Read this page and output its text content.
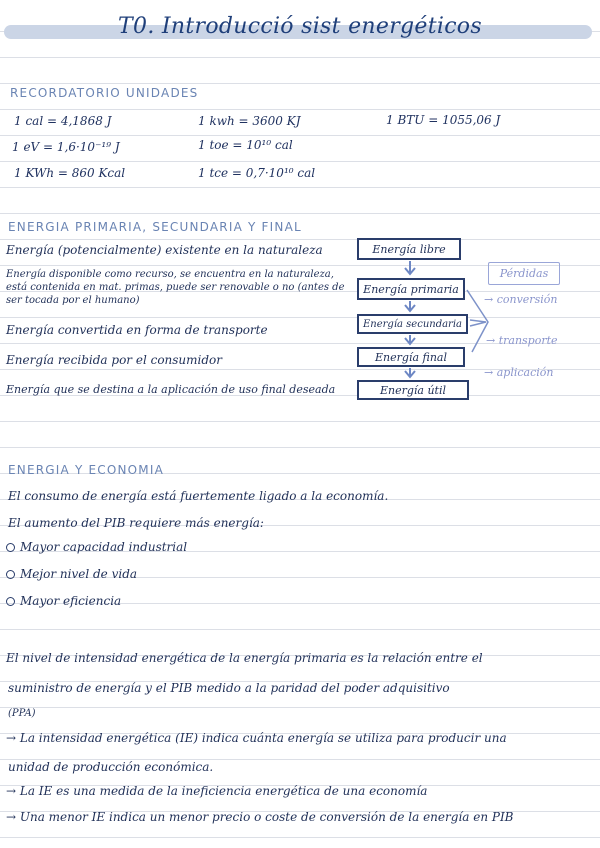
T0. Introducció sist energéticos
RECORDATORIO UNIDADES
1 cal = 4,1868 J	1 kwh = 3600 KJ	1 BTU = 1055,06 J
1 eV = 1,6·10⁻¹⁹ J	1 toe = 10¹⁰ cal
1 KWh = 860 Kcal	1 tce = 0,7·10¹⁰ cal
ENERGIA PRIMARIA, SECUNDARIA Y FINAL
Energía (potencialmente) existente en la naturaleza
Energía disponible como recurso, se encuentra en la naturaleza, está contenida en mat. primas, puede ser renovable o no (antes de ser tocada por el humano)
Energía convertida en forma de transporte
Energía recibida por el consumidor
Energía que se destina a la aplicación de uso final deseada
Energía libre
Energía primaria
Energía secundaria
Energía final
Energía útil
Pérdidas
→ conversión
→ transporte
→ aplicación
ENERGIA Y ECONOMIA
El consumo de energía está fuertemente ligado a la economía.
El aumento del PIB requiere más energía:
Mayor capacidad industrial
Mejor nivel de vida
Mayor eficiencia
El nivel de intensidad energética de la energía primaria es la relación entre el
suministro de energía y el PIB medido a la paridad del poder adquisitivo
(PPA)
→ La intensidad energética (IE) indica cuánta energía se utiliza para producir una
unidad de producción económica.
→ La IE es una medida de la ineficiencia energética de una economía
→ Una menor IE indica un menor precio o coste de conversión de la energía en PIB
